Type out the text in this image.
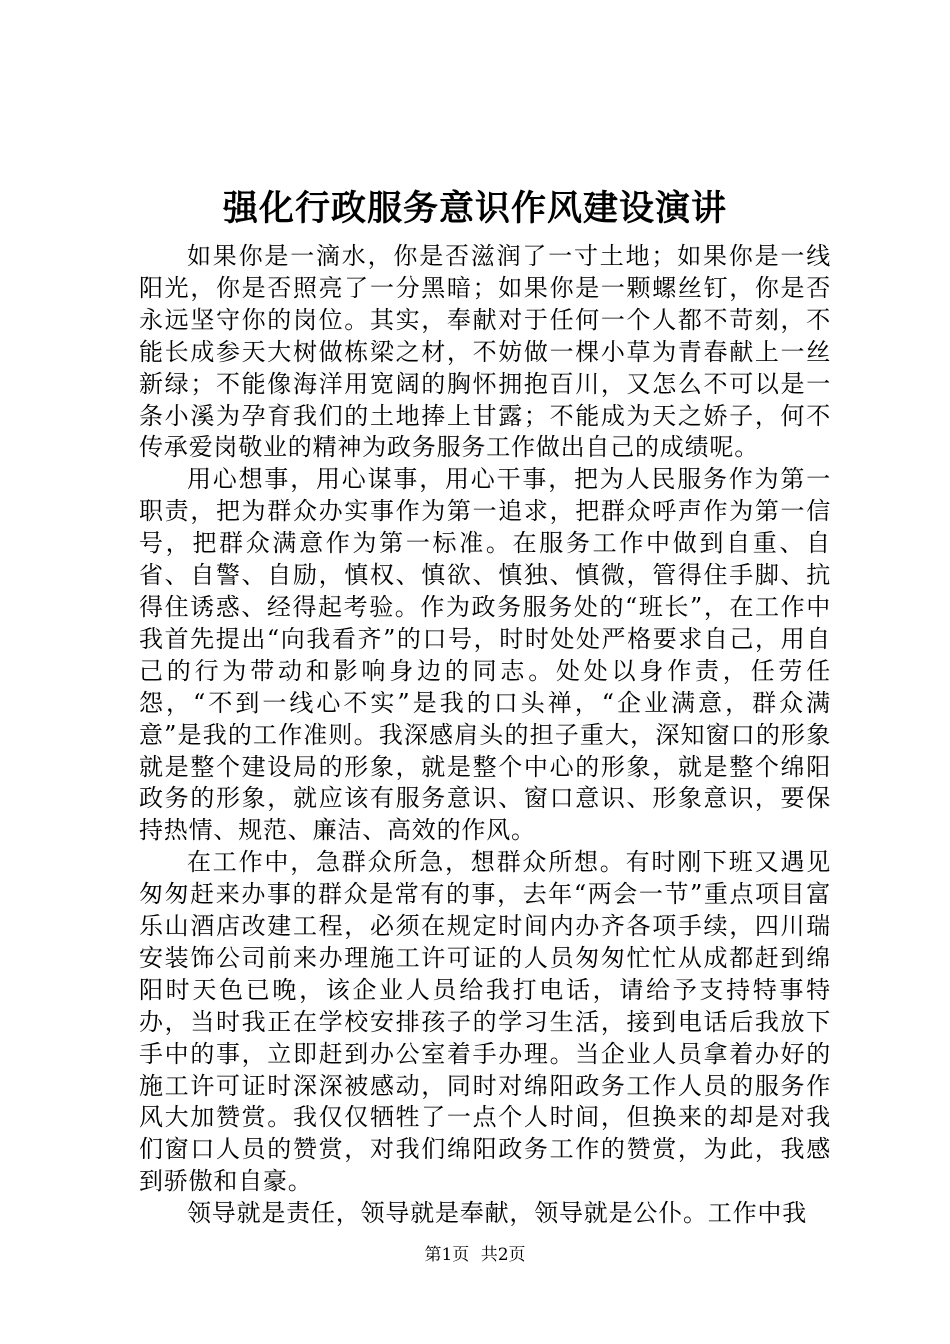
强化行政服务意识作风建设演讲

如果你是一滴水，你是否滋润了一寸土地；如果你是一线阳光，你是否照亮了一分黑暗；如果你是一颗螺丝钉，你是否永远坚守你的岗位。其实，奉献对于任何一个人都不苛刻，不能长成参天大树做栋梁之材，不妨做一棵小草为青春献上一丝新绿；不能像海洋用宽阔的胸怀拥抱百川，又怎么不可以是一条小溪为孕育我们的土地捧上甘露；不能成为天之娇子，何不传承爱岗敬业的精神为政务服务工作做出自己的成绩呢。

用心想事，用心谋事，用心干事，把为人民服务作为第一职责，把为群众办实事作为第一追求，把群众呼声作为第一信号，把群众满意作为第一标准。在服务工作中做到自重、自省、自警、自励，慎权、慎欲、慎独、慎微，管得住手脚、抗得住诱惑、经得起考验。作为政务服务处的“班长”，在工作中我首先提出“向我看齐”的口号，时时处处严格要求自己，用自己的行为带动和影响身边的同志。处处以身作责，任劳任怨，“不到一线心不实”是我的口头禅，“企业满意，群众满意”是我的工作准则。我深感肩头的担子重大，深知窗口的形象就是整个建设局的形象，就是整个中心的形象，就是整个绵阳政务的形象，就应该有服务意识、窗口意识、形象意识，要保持热情、规范、廉洁、高效的作风。

在工作中，急群众所急，想群众所想。有时刚下班又遇见匆匆赶来办事的群众是常有的事，去年“两会一节”重点项目富乐山酒店改建工程，必须在规定时间内办齐各项手续，四川瑞安装饰公司前来办理施工许可证的人员匆匆忙忙从成都赶到绵阳时天色已晚，该企业人员给我打电话，请给予支持特事特办，当时我正在学校安排孩子的学习生活，接到电话后我放下手中的事，立即赶到办公室着手办理。当企业人员拿着办好的施工许可证时深深被感动，同时对绵阳政务工作人员的服务作风大加赞赏。我仅仅牺牲了一点个人时间，但换来的却是对我们窗口人员的赞赏，对我们绵阳政务工作的赞赏，为此，我感到骄傲和自豪。

领导就是责任，领导就是奉献，领导就是公仆。工作中我

第1页 共2页
